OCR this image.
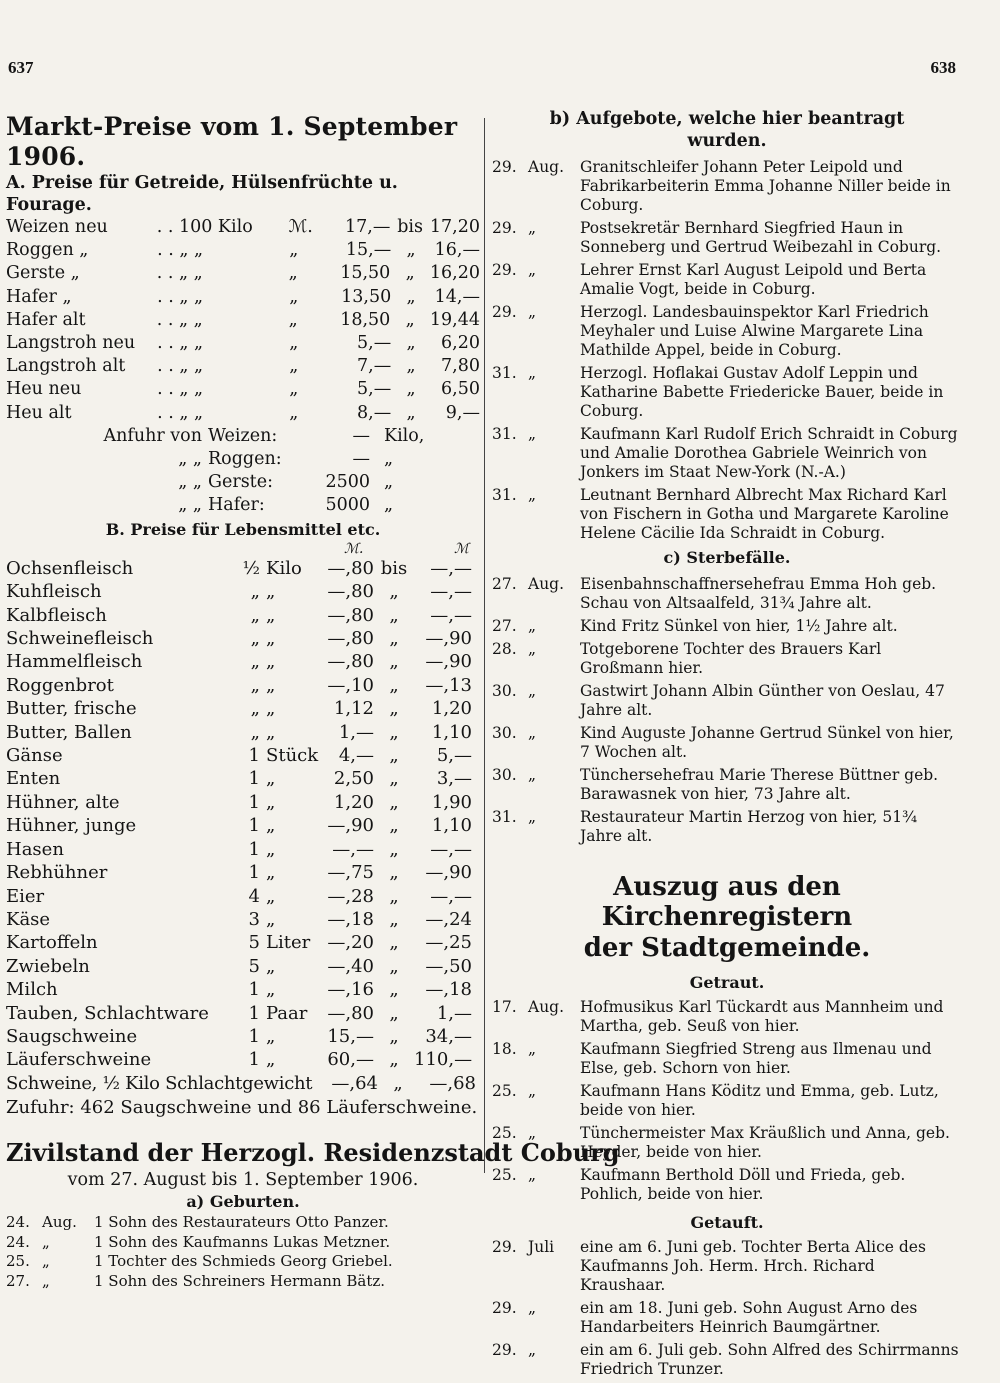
637	638
Markt-Preise vom 1. September 1906.
A. Preise für Getreide, Hülsenfrüchte u. Fourage.
Weizen neu	. . 100 Kilo	ℳ.	17,— bis 17,20
Roggen „	. . „ „	„	15,— „	16,—
Gerste „	. . „ „	„	15,50 „ 16,20
Hafer „	. . „ „	„	13,50 „	14,—
Hafer alt	. . „ „	„	18,50 „ 19,44
Langstroh neu	. . „ „	„	5,— „	6,20
Langstroh alt	. . „ „	„	7,— „	7,80
Heu neu	. . „ „	„	5,— „	6,50
Heu alt	. . „ „	„	8,— „	9,—
Anfuhr von Weizen:	— Kilo,
„ „ Roggen:	— „
„ „ Gerste:	2500 „
„ „ Hafer:	5000 „
B. Preise für Lebensmittel etc.
ℳ.	ℳ
Ochsenfleisch	½ Kilo	—,80 bis	—,—
Kuhfleisch	„ „	—,80 „	—,—
Kalbfleisch	„ „	—,80 „	—,—
Schweinefleisch	„ „	—,80 „	—,90
Hammelfleisch	„ „	—,80 „	—,90
Roggenbrot	„ „	—,10 „	—,13
Butter, frische	„ „	1,12 „	1,20
Butter, Ballen	„ „	1,— „	1,10
Gänse	1 Stück	4,— „	5,—
Enten	1 „	2,50 „	3,—
Hühner, alte	1 „	1,20 „	1,90
Hühner, junge	1 „	—,90 „	1,10
Hasen	1 „	—,— „	—,—
Rebhühner	1 „	—,75 „	—,90
Eier	4 „	—,28 „	—,—
Käse	3 „	—,18 „	—,24
Kartoffeln	5 Liter —,20 „	—,25
Zwiebeln	5 „	—,40 „	—,50
Milch	1 „	—,16 „	—,18
Tauben, Schlachtware	1 Paar	—,80 „	1,—
Saugschweine	1 „	15,— „	34,—
Läuferschweine	1 „	60,— „ 110,—
Schweine, ½ Kilo Schlachtgewicht	—,64 „	—,68
Zufuhr: 462 Saugschweine und 86 Läuferschweine.
Zivilstand der Herzogl. Residenzstadt Coburg
vom 27. August bis 1. September 1906.
a) Geburten.
24. Aug.	1 Sohn des Restaurateurs Otto Panzer.
24. „	1 Sohn des Kaufmanns Lukas Metzner.
25. „	1 Tochter des Schmieds Georg Griebel.
27. „	1 Sohn des Schreiners Hermann Bätz.
b) Aufgebote, welche hier beantragt wurden.
29. Aug.	Granitschleifer Johann Peter Leipold und Fabrikarbeiterin Emma Johanne Niller beide in Coburg.
29. „	Postsekretär Bernhard Siegfried Haun in Sonneberg und Gertrud Weibezahl in Coburg.
29. „	Lehrer Ernst Karl August Leipold und Berta Amalie Vogt, beide in Coburg.
29. „	Herzogl. Landesbauinspektor Karl Friedrich Meyhaler und Luise Alwine Margarete Lina Mathilde Appel, beide in Coburg.
31. „	Herzogl. Hoflakai Gustav Adolf Leppin und Katharine Babette Friedericke Bauer, beide in Coburg.
31. „	Kaufmann Karl Rudolf Erich Schraidt in Coburg und Amalie Dorothea Gabriele Weinrich von Jonkers im Staat New-York (N.-A.)
31. „	Leutnant Bernhard Albrecht Max Richard Karl von Fischern in Gotha und Margarete Karoline Helene Cäcilie Ida Schraidt in Coburg.
c) Sterbefälle.
27. Aug.	Eisenbahnschaffnersehefrau Emma Hoh geb. Schau von Altsaalfeld, 31¾ Jahre alt.
27. „	Kind Fritz Sünkel von hier, 1½ Jahre alt.
28. „	Totgeborene Tochter des Brauers Karl Großmann hier.
30. „	Gastwirt Johann Albin Günther von Oeslau, 47 Jahre alt.
30. „	Kind Auguste Johanne Gertrud Sünkel von hier, 7 Wochen alt.
30. „	Tünchersehefrau Marie Therese Büttner geb. Barawasnek von hier, 73 Jahre alt.
31. „	Restaurateur Martin Herzog von hier, 51¾ Jahre alt.
Auszug aus den Kirchenregistern
der Stadtgemeinde.
Getraut.
17. Aug.	Hofmusikus Karl Tückardt aus Mannheim und Martha, geb. Seuß von hier.
18. „	Kaufmann Siegfried Streng aus Ilmenau und Else, geb. Schorn von hier.
25. „	Kaufmann Hans Köditz und Emma, geb. Lutz, beide von hier.
25. „	Tünchermeister Max Kräußlich und Anna, geb. Heyder, beide von hier.
25. „	Kaufmann Berthold Döll und Frieda, geb. Pohlich, beide von hier.
Getauft.
29. Juli	eine am 6. Juni geb. Tochter Berta Alice des Kaufmanns Joh. Herm. Hrch. Richard Kraushaar.
29. „	ein am 18. Juni geb. Sohn August Arno des Handarbeiters Heinrich Baumgärtner.
29. „	ein am 6. Juli geb. Sohn Alfred des Schirrmanns Friedrich Trunzer.
